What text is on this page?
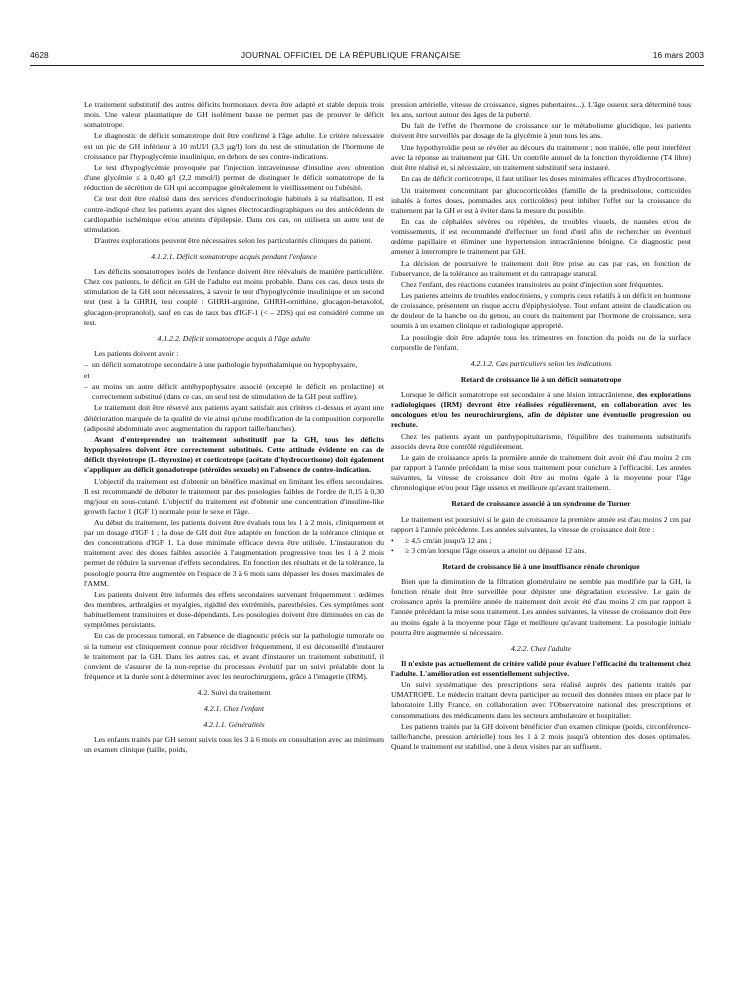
4628	JOURNAL OFFICIEL DE LA RÉPUBLIQUE FRANÇAISE	16 mars 2003

Le traitement substitutif des autres déficits hormonaux devra être adapté et stable depuis trois mois. Une valeur plasmatique de GH isolément basse ne permet pas de prouver le déficit somatotrope.

Le diagnostic de déficit somatotrope doit être confirmé à l'âge adulte. Le critère nécessaire est un pic de GH inférieur à 10 mUI/l (3,3 µg/l) lors du test de stimulation de l'hormone de croissance par l'hypoglycémie insulinique, en dehors de ses contre-indications.

Le test d'hypoglycémie provoquée par l'injection intraveineuse d'insuline avec obtention d'une glycémie ≤ à 0,40 g/l (2,2 mmol/l) permet de distinguer le déficit somatotrope de la réduction de sécrétion de GH qui accompagne généralement le vieillissement ou l'obésité.

Ce test doit être réalisé dans des services d'endocrinologie habitués à sa réalisation. Il est contre-indiqué chez les patients ayant des signes électrocardiographiques ou des antécédents de cardiopathie ischémique et/ou atteints d'épilepsie. Dans ces cas, on utilisera un autre test de stimulation.

D'autres explorations peuvent être nécessaires selon les particularités cliniques du patient.

4.1.2.1. Déficit somatotrope acquis pendant l'enfance

Les déficits somatotropes isolés de l'enfance doivent être réévalués de manière particulière. Chez ces patients, le déficit en GH de l'adulte est moins probable. Dans ces cas, deux tests de stimulation de la GH sont nécessaires, à savoir le test d'hypoglycémie insulinique et un second test (test à la GHRH, test couplé : GHRH-arginine, GHRH-ornithine, glucagon-betaxolol, glucagon-propranolol), sauf en cas de taux bas d'IGF-1 (< – 2DS) qui est considéré comme un test.

4.1.2.2. Déficit somatotrope acquis à l'âge adulte

Les patients doivent avoir :

– un déficit somatotrope secondaire à une pathologie hypothalamique ou hypophysaire,

et

– au moins un autre déficit antéhypophysaire associé (excepté le déficit en prolactine) et correctement substitué (dans ce cas, un seul test de stimulation de la GH peut suffire).

Le traitement doit être réservé aux patients ayant satisfait aux critères ci-dessus et ayant une détérioration marquée de la qualité de vie ainsi qu'une modification de la composition corporelle (adiposité abdominale avec augmentation du rapport taille/hanches).

Avant d'entreprendre un traitement substitutif par la GH, tous les déficits hypophysaires doivent être correctement substitués. Cette attitude évidente en cas de déficit thyréotrope (L-thyroxine) et corticotrope (acétate d'hydrocortisone) doit également s'appliquer au déficit gonadotrope (stéroïdes sexuels) en l'absence de contre-indication.

L'objectif du traitement est d'obtenir un bénéfice maximal en limitant les effets secondaires. Il est recommandé de débuter le traitement par des posologies faibles de l'ordre de 0,15 à 0,30 mg/jour en sous-cutané. L'objectif du traitement est d'obtenir une concentration d'insuline-like growth factor 1 (IGF 1) normale pour le sexe et l'âge.

Au début du traitement, les patients doivent être évalués tous les 1 à 2 mois, cliniquement et par un dosage d'IGF 1 ; la dose de GH doit être adaptée en fonction de la tolérance clinique et des concentrations d'IGF 1. La dose minimale efficace devra être utilisée. L'instauration du traitement avec des doses faibles associée à l'augmentation progressive tous les 1 à 2 mois permet de réduire la survenue d'effets secondaires. En fonction des résultats et de la tolérance, la posologie pourra être augmentée en l'espace de 3 à 6 mois sans dépasser les doses maximales de l'AMM.

Les patients doivent être informés des effets secondaires survenant fréquemment : œdèmes des membres, arthralgies et myalgies, rigidité des extrémités, paresthésies. Ces symptômes sont habituellement transitoires et dose-dépendants. Les posologies doivent être diminuées en cas de symptômes persistants.

En cas de processus tumoral, en l'absence de diagnostic précis sur la pathologie tumorale ou si la tumeur est cliniquement connue pour récidiver fréquemment, il est déconseillé d'instaurer le traitement par la GH. Dans les autres cas, et avant d'instaurer un traitement substitutif, il convient de s'assurer de la non-reprise du processus évolutif par un suivi préalable dont la fréquence et la durée sont à déterminer avec les neurochirurgiens, grâce à l'imagerie (IRM).

4.2. Suivi du traitement

4.2.1. Chez l'enfant

4.2.1.1. Généralités

Les enfants traités par GH seront suivis tous les 3 à 6 mois en consultation avec au minimum un examen clinique (taille, poids,

pression artérielle, vitesse de croissance, signes pubertaires...). L'âge osseux sera déterminé tous les ans, surtout autour des âges de la puberté.

Du fait de l'effet de l'hormone de croissance sur le métabolisme glucidique, les patients doivent être surveillés par dosage de la glycémie à jeun tous les ans.

Une hypothyroïdie peut se révéler au décours du traitement ; non traitée, elle peut interférer avec la réponse au traitement par GH. Un contrôle annuel de la fonction thyroïdienne (T4 libre) doit être réalisé et, si nécessaire, un traitement substitutif sera instauré.

En cas de déficit corticotrope, il faut utiliser les doses minimales efficaces d'hydrocortisone.

Un traitement concomitant par glucocorticoïdes (famille de la prednisolone, corticoïdes inhalés à fortes doses, pommades aux corticoïdes) peut inhiber l'effet sur la croissance du traitement par la GH et est à éviter dans la mesure du possible.

En cas de céphalées sévères ou répétées, de troubles visuels, de nausées et/ou de vomissements, il est recommandé d'effectuer un fond d'œil afin de rechercher un éventuel œdème papillaire et éliminer une hypertension intracrânienne bénigne. Ce diagnostic peut amener à interrompre le traitement par GH.

La décision de poursuivre le traitement doit être prise au cas par cas, en fonction de l'observance, de la tolérance au traitement et du rattrapage statural.

Chez l'enfant, des réactions cutanées transitoires au point d'injection sont fréquentes.

Les patients atteints de troubles endocriniens, y compris ceux relatifs à un déficit en hormone de croissance, présentent un risque accru d'épiphysiolyse. Tout enfant atteint de claudication ou de douleur de la hanche ou du genou, au cours du traitement par l'hormone de croissance, sera soumis à un examen clinique et radiologique approprié.

La posologie doit être adaptée tous les trimestres en fonction du poids ou de la surface corporelle de l'enfant.

4.2.1.2. Cas particuliers selon les indications

Retard de croissance lié à un déficit somatotrope

Lorsque le déficit somatotrope est secondaire à une lésion intracrânienne, des explorations radiologiques (IRM) devront être réalisées régulièrement, en collaboration avec les oncologues et/ou les neurochirurgiens, afin de dépister une éventuelle progression ou rechute.

Chez les patients ayant un panhypopituitarisme, l'équilibre des traitements substitutifs associés devra être contrôlé régulièrement.

Le gain de croissance après la première année de traitement doit avoir été d'au moins 2 cm par rapport à l'année précédant la mise sous traitement pour conclure à l'efficacité. Les années suivantes, la vitesse de croissance doit être au moins égale à la moyenne pour l'âge chronologique et/ou pour l'âge osseux et meilleure qu'avant traitement.

Retard de croissance associé à un syndrome de Turner

Le traitement est poursuivi si le gain de croissance la première année est d'au moins 2 cm par rapport à l'année précédente. Les années suivantes, la vitesse de croissance doit être :

• ≥ 4,5 cm/an jusqu'à 12 ans ;
• ≥ 3 cm/an lorsque l'âge osseux a atteint ou dépassé 12 ans.

Retard de croissance lié à une insuffisance rénale chronique

Bien que la diminution de la filtration glomérulaire ne semble pas modifiée par la GH, la fonction rénale doit être surveillée pour dépister une dégradation excessive. Le gain de croissance après la première année de traitement doit avoir été d'au moins 2 cm par rapport à l'année précédant la mise sous traitement. Les années suivantes, la vitesse de croissance doit être au moins égale à la moyenne pour l'âge et meilleure qu'avant traitement. La posologie initiale pourra être augmentée si nécessaire.

4.2.2. Chez l'adulte

Il n'existe pas actuellement de critère validé pour évaluer l'efficacité du traitement chez l'adulte. L'amélioration est essentiellement subjective.

Un suivi systématique des prescriptions sera réalisé auprès des patients traités par UMATROPE. Le médecin traitant devra participer au recueil des données mises en place par le laboratoire Lilly France, en collaboration avec l'Observatoire national des prescriptions et consommations des médicaments dans les secteurs ambulatoire et hospitalier.

Les patients traités par la GH doivent bénéficier d'un examen clinique (poids, circonférence-taille/hanche, pression artérielle) tous les 1 à 2 mois jusqu'à obtention des doses optimales. Quand le traitement est stabilisé, une à deux visites par an suffisent.
